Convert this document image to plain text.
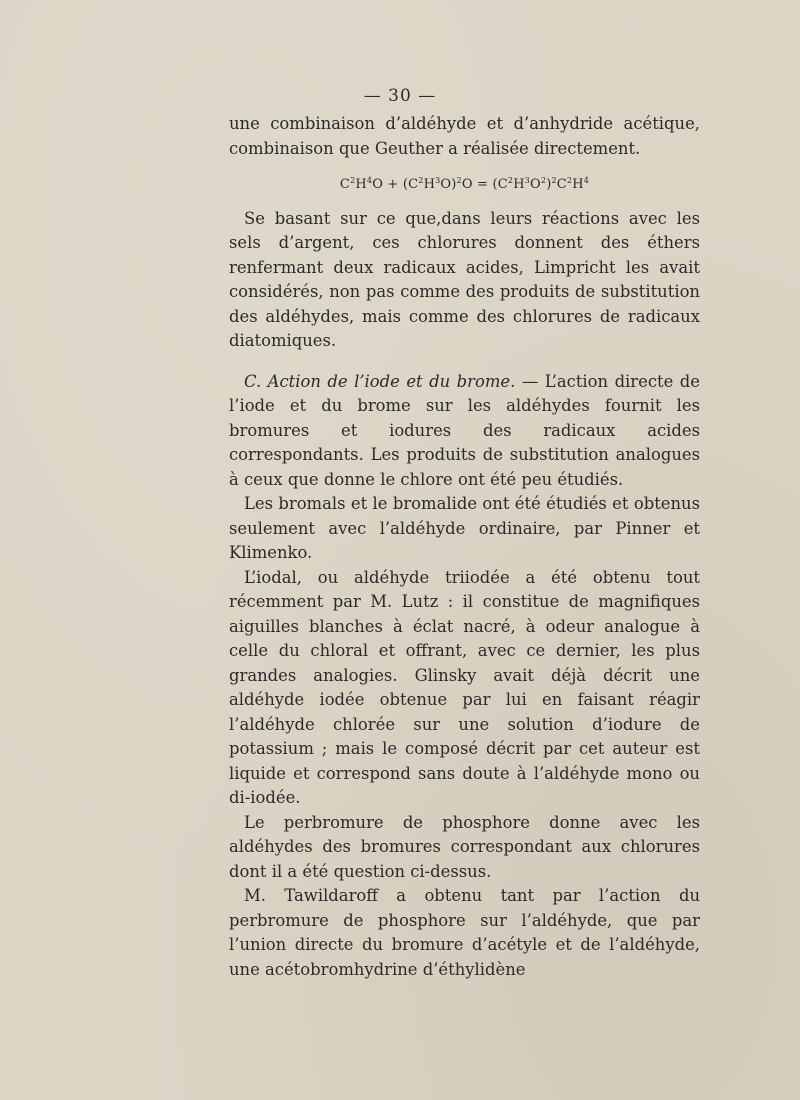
— 30 —

une combinaison d’aldéhyde et d’anhydride acétique, combinaison que Geuther a réalisée directement.

$C^2H^4O + (C^2H^3O)^2O = (C^2H^3O^2)^2C^2H^4$

Se basant sur ce que,dans leurs réactions avec les sels d’argent, ces chlorures donnent des éthers renfermant deux radicaux acides, Limpricht les avait considérés, non pas comme des produits de substitution des aldéhydes, mais comme des chlorures de radicaux diatomiques.

C. Action de l’iode et du brome. — L’action directe de l’iode et du brome sur les aldéhydes fournit les bromures et iodures des radicaux acides correspondants. Les produits de substitution analogues à ceux que donne le chlore ont été peu étudiés.

Les bromals et le bromalide ont été étudiés et obtenus seulement avec l’aldéhyde ordinaire, par Pinner et Klimenko.

L’iodal, ou aldéhyde triiodée a été obtenu tout récemment par M. Lutz : il constitue de magnifiques aiguilles blanches à éclat nacré, à odeur analogue à celle du chloral et offrant, avec ce dernier, les plus grandes analogies. Glinsky avait déjà décrit une aldéhyde iodée obtenue par lui en faisant réagir l’aldéhyde chlorée sur une solution d’iodure de potassium ; mais le composé décrit par cet auteur est liquide et correspond sans doute à l’aldéhyde mono ou di-iodée.

Le perbromure de phosphore donne avec les aldéhydes des bromures correspondant aux chlorures dont il a été question ci-dessus.

M. Tawildaroff a obtenu tant par l’action du perbromure de phosphore sur l’aldéhyde, que par l’union directe du bromure d’acétyle et de l’aldéhyde, une acétobromhydrine d’éthylidène
